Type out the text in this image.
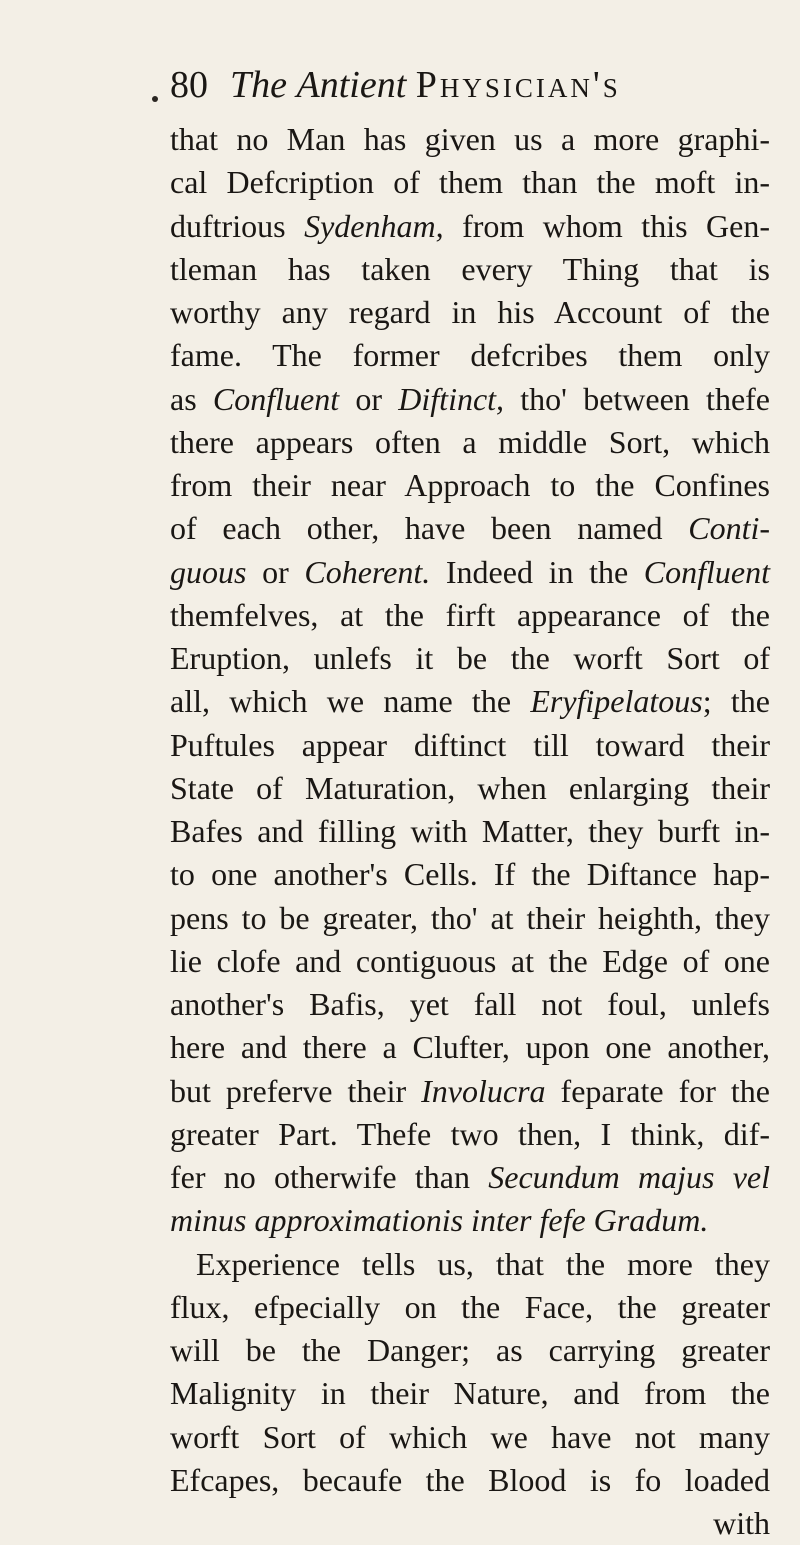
80 The Antient Physician's
that no Man has given us a more graphi-
cal Defcription of them than the moft in-
duftrious Sydenham, from whom this Gen-
tleman has taken every Thing that is
worthy any regard in his Account of the
fame. The former defcribes them only
as Confluent or Diftinct, tho' between thefe
there appears often a middle Sort, which
from their near Approach to the Confines
of each other, have been named Conti-
guous or Coherent. Indeed in the Confluent
themfelves, at the firft appearance of the
Eruption, unlefs it be the worft Sort of
all, which we name the Eryfipelatous; the
Puftules appear diftinct till toward their
State of Maturation, when enlarging their
Bafes and filling with Matter, they burft in-
to one another's Cells. If the Diftance hap-
pens to be greater, tho' at their heighth, they
lie clofe and contiguous at the Edge of one
another's Bafis, yet fall not foul, unlefs
here and there a Clufter, upon one another,
but preferve their Involucra feparate for the
greater Part. Thefe two then, I think, dif-
fer no otherwife than Secundum majus vel
minus approximationis inter fefe Gradum.
Experience tells us, that the more they
flux, efpecially on the Face, the greater
will be the Danger; as carrying greater
Malignity in their Nature, and from the
worft Sort of which we have not many
Efcapes, becaufe the Blood is fo loaded
with
